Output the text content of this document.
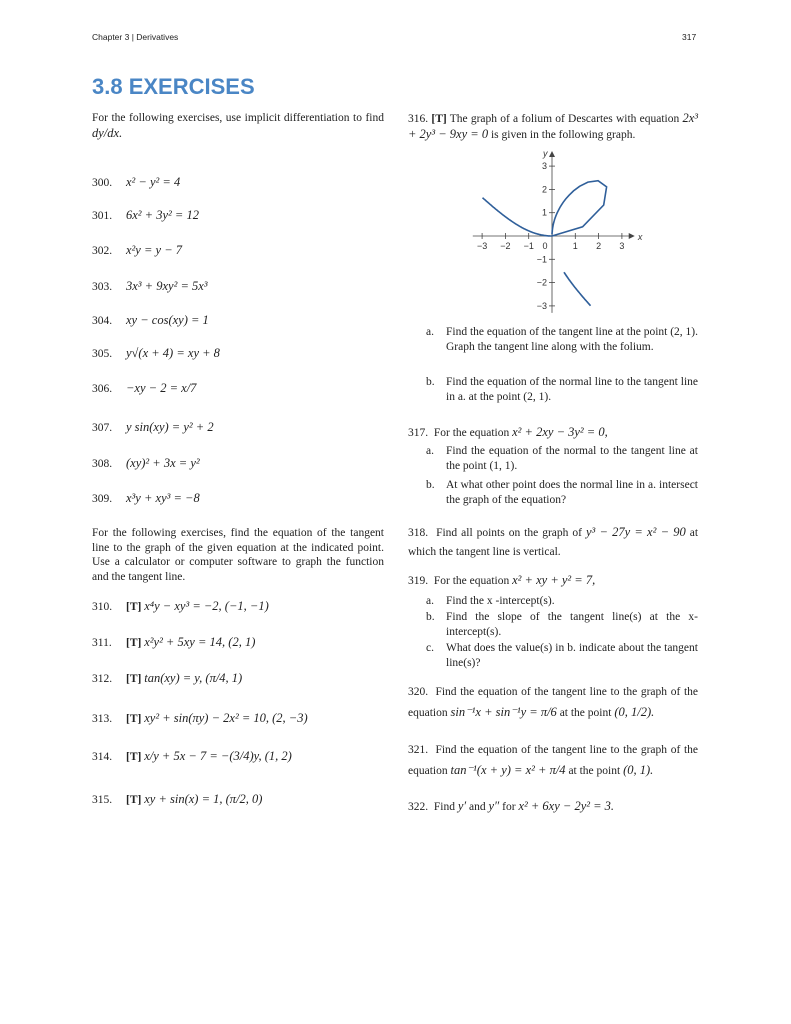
Chapter 3 | Derivatives	317
3.8 EXERCISES
For the following exercises, use implicit differentiation to find dy/dx.
300. x² − y² = 4
301. 6x² + 3y² = 12
302. x²y = y − 7
303. 3x³ + 9xy² = 5x³
304. xy − cos(xy) = 1
305. y√(x + 4) = xy + 8
306. −xy − 2 = x/7
307. y sin(xy) = y² + 2
308. (xy)² + 3x = y²
309. x³y + xy³ = −8
For the following exercises, find the equation of the tangent line to the graph of the given equation at the indicated point. Use a calculator or computer software to graph the function and the tangent line.
310. [T] x⁴y − xy³ = −2, (−1, −1)
311. [T] x²y² + 5xy = 14, (2, 1)
312. [T] tan(xy) = y, (π/4, 1)
313. [T] xy² + sin(πy) − 2x² = 10, (2, −3)
314. [T] x/y + 5x − 7 = −(3/4)y, (1, 2)
315. [T] xy + sin(x) = 1, (π/2, 0)
316. [T] The graph of a folium of Descartes with equation 2x³ + 2y³ − 9xy = 0 is given in the following graph.
−3 −2 −1 0	1 2 3
3
2
1
−1
−2
−3
x
y
a. Find the equation of the tangent line at the point (2, 1). Graph the tangent line along with the folium.
b. Find the equation of the normal line to the tangent line in a. at the point (2, 1).
317. For the equation x² + 2xy − 3y² = 0,
a. Find the equation of the normal to the tangent line at the point (1, 1).
b. At what other point does the normal line in a. intersect the graph of the equation?
318. Find all points on the graph of y³ − 27y = x² − 90 at which the tangent line is vertical.
319. For the equation x² + xy + y² = 7,
a. Find the x -intercept(s).
b. Find the slope of the tangent line(s) at the x-intercept(s).
c. What does the value(s) in b. indicate about the tangent line(s)?
320. Find the equation of the tangent line to the graph of the equation sin⁻¹x + sin⁻¹y = π/6 at the point (0, 1/2).
321. Find the equation of the tangent line to the graph of the equation tan⁻¹(x + y) = x² + π/4 at the point (0, 1).
322. Find y′ and y″ for x² + 6xy − 2y² = 3.
